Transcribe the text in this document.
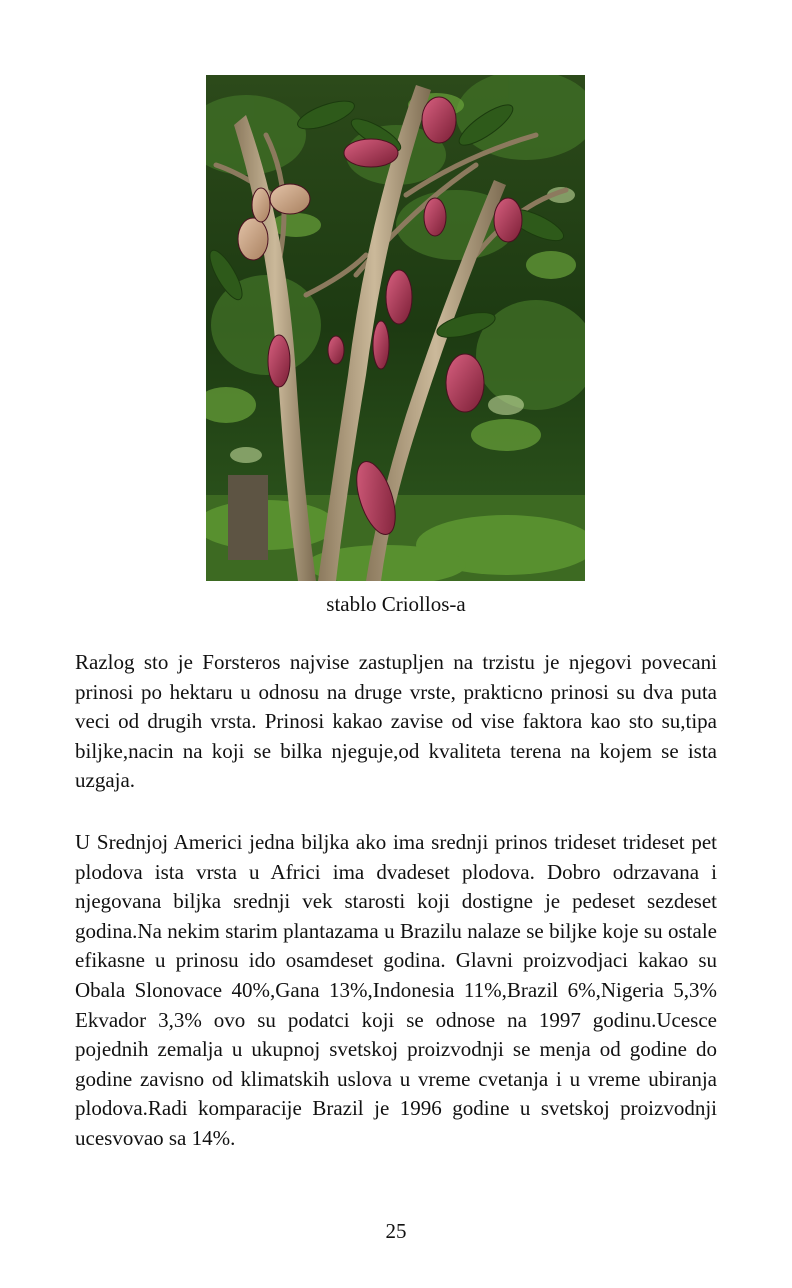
stablo Criollos-a

Razlog sto je Forsteros najvise zastupljen na trzistu je njegovi povecani prinosi po hektaru u odnosu na druge vrste, prakticno prinosi su dva puta veci od drugih vrsta. Prinosi kakao zavise od vise faktora kao sto su,tipa biljke,nacin na koji se bilka njeguje,od kvaliteta terena na kojem se ista uzgaja.

U Srednjoj Americi jedna biljka ako ima srednji prinos trideset trideset pet plodova ista vrsta u Africi ima dvadeset plodova. Dobro odrzavana i njegovana biljka srednji vek starosti koji dostigne je pedeset sezdeset godina.Na nekim starim plantazama u Brazilu nalaze se biljke koje su ostale efikasne u prinosu ido osamdeset godina. Glavni proizvodjaci kakao su Obala Slonovace 40%,Gana 13%,Indonesia 11%,Brazil 6%,Nigeria 5,3% Ekvador 3,3% ovo su podatci koji se odnose na 1997 godinu.Ucesce pojednih zemalja u ukupnoj svetskoj proizvodnji se menja od godine do godine zavisno od klimatskih uslova u vreme cvetanja i u vreme ubiranja plodova.Radi komparacije Brazil je 1996 godine u svetskoj proizvodnji ucesvovao sa 14%.

25
